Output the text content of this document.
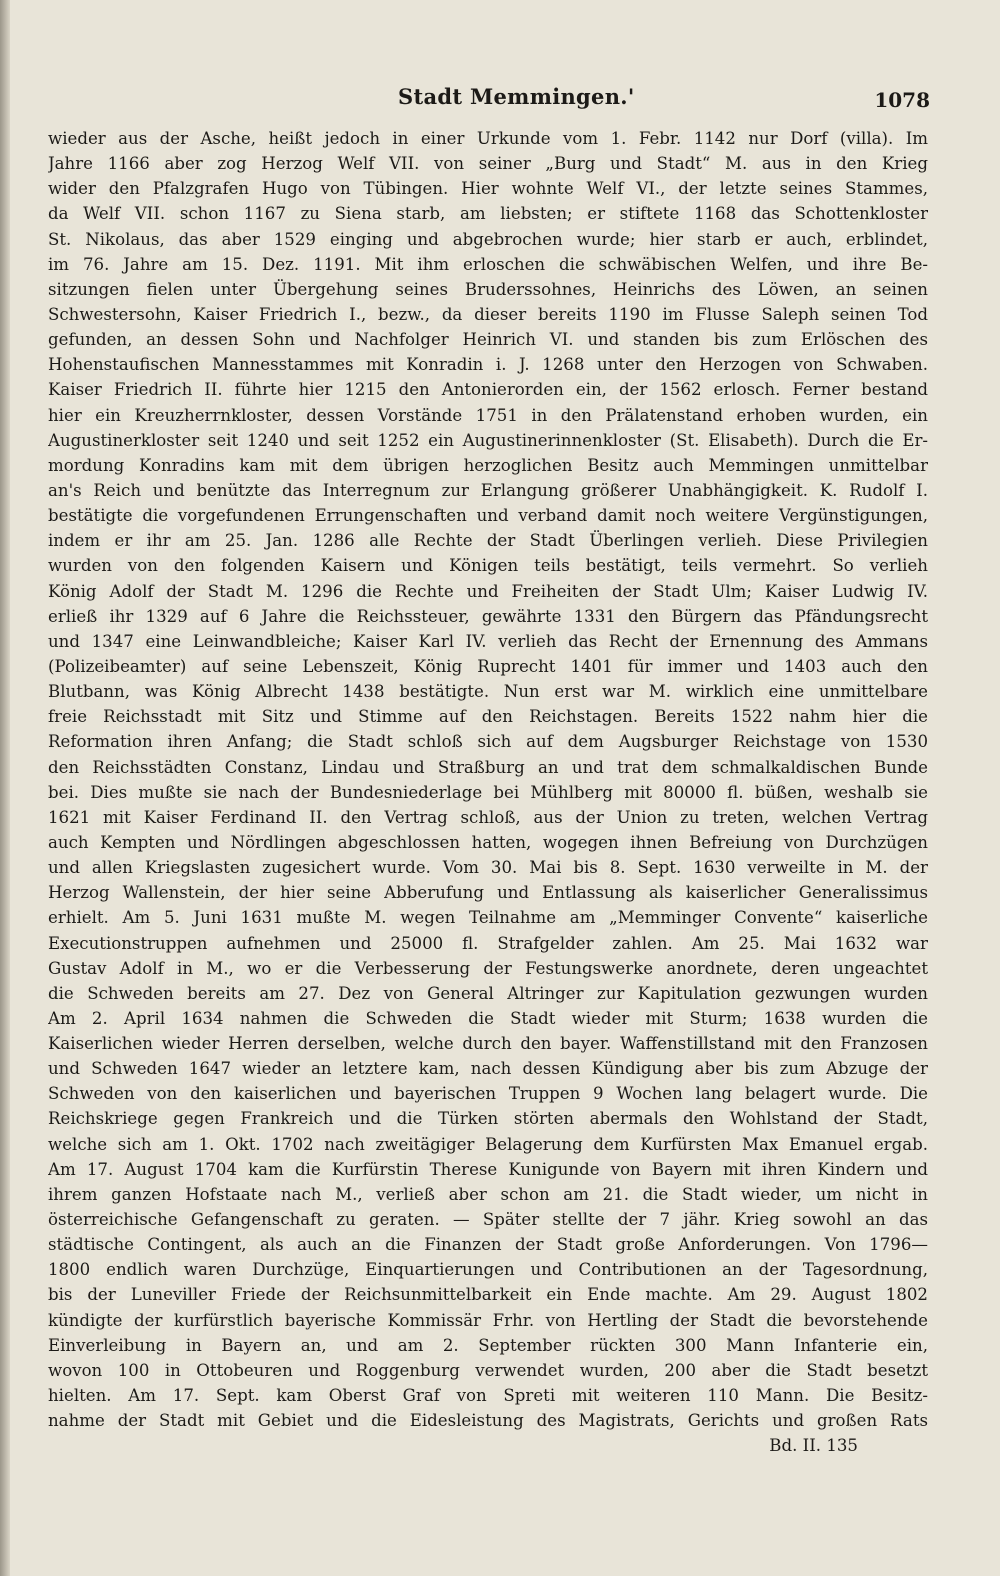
Stadt Memmingen.'	1078
wieder aus der Asche, heißt jedoch in einer Urkunde vom 1. Febr. 1142 nur Dorf (villa). Im
Jahre 1166 aber zog Herzog Welf VII. von seiner „Burg und Stadt“ M. aus in den Krieg
wider den Pfalzgrafen Hugo von Tübingen. Hier wohnte Welf VI., der letzte seines Stammes,
da Welf VII. schon 1167 zu Siena starb, am liebsten; er stiftete 1168 das Schottenkloster
St. Nikolaus, das aber 1529 einging und abgebrochen wurde; hier starb er auch, erblindet,
im 76. Jahre am 15. Dez. 1191. Mit ihm erloschen die schwäbischen Welfen, und ihre Be-
sitzungen fielen unter Übergehung seines Bruderssohnes, Heinrichs des Löwen, an seinen
Schwestersohn, Kaiser Friedrich I., bezw., da dieser bereits 1190 im Flusse Saleph seinen Tod
gefunden, an dessen Sohn und Nachfolger Heinrich VI. und standen bis zum Erlöschen des
Hohenstaufischen Mannesstammes mit Konradin i. J. 1268 unter den Herzogen von Schwaben.
Kaiser Friedrich II. führte hier 1215 den Antonierorden ein, der 1562 erlosch. Ferner bestand
hier ein Kreuzherrnkloster, dessen Vorstände 1751 in den Prälatenstand erhoben wurden, ein
Augustinerkloster seit 1240 und seit 1252 ein Augustinerinnenkloster (St. Elisabeth). Durch die Er-
mordung Konradins kam mit dem übrigen herzoglichen Besitz auch Memmingen unmittelbar
an's Reich und benützte das Interregnum zur Erlangung größerer Unabhängigkeit. K. Rudolf I.
bestätigte die vorgefundenen Errungenschaften und verband damit noch weitere Vergünstigungen,
indem er ihr am 25. Jan. 1286 alle Rechte der Stadt Überlingen verlieh. Diese Privilegien
wurden von den folgenden Kaisern und Königen teils bestätigt, teils vermehrt. So verlieh
König Adolf der Stadt M. 1296 die Rechte und Freiheiten der Stadt Ulm; Kaiser Ludwig IV.
erließ ihr 1329 auf 6 Jahre die Reichssteuer, gewährte 1331 den Bürgern das Pfändungsrecht
und 1347 eine Leinwandbleiche; Kaiser Karl IV. verlieh das Recht der Ernennung des Ammans
(Polizeibeamter) auf seine Lebenszeit, König Ruprecht 1401 für immer und 1403 auch den
Blutbann, was König Albrecht 1438 bestätigte. Nun erst war M. wirklich eine unmittelbare
freie Reichsstadt mit Sitz und Stimme auf den Reichstagen. Bereits 1522 nahm hier die
Reformation ihren Anfang; die Stadt schloß sich auf dem Augsburger Reichstage von 1530
den Reichsstädten Constanz, Lindau und Straßburg an und trat dem schmalkaldischen Bunde
bei. Dies mußte sie nach der Bundesniederlage bei Mühlberg mit 80000 fl. büßen, weshalb sie
1621 mit Kaiser Ferdinand II. den Vertrag schloß, aus der Union zu treten, welchen Vertrag
auch Kempten und Nördlingen abgeschlossen hatten, wogegen ihnen Befreiung von Durchzügen
und allen Kriegslasten zugesichert wurde. Vom 30. Mai bis 8. Sept. 1630 verweilte in M. der
Herzog Wallenstein, der hier seine Abberufung und Entlassung als kaiserlicher Generalissimus
erhielt. Am 5. Juni 1631 mußte M. wegen Teilnahme am „Memminger Convente“ kaiserliche
Executionstruppen aufnehmen und 25000 fl. Strafgelder zahlen. Am 25. Mai 1632 war
Gustav Adolf in M., wo er die Verbesserung der Festungswerke anordnete, deren ungeachtet
die Schweden bereits am 27. Dez von General Altringer zur Kapitulation gezwungen wurden
Am 2. April 1634 nahmen die Schweden die Stadt wieder mit Sturm; 1638 wurden die
Kaiserlichen wieder Herren derselben, welche durch den bayer. Waffenstillstand mit den Franzosen
und Schweden 1647 wieder an letztere kam, nach dessen Kündigung aber bis zum Abzuge der
Schweden von den kaiserlichen und bayerischen Truppen 9 Wochen lang belagert wurde. Die
Reichskriege gegen Frankreich und die Türken störten abermals den Wohlstand der Stadt,
welche sich am 1. Okt. 1702 nach zweitägiger Belagerung dem Kurfürsten Max Emanuel ergab.
Am 17. August 1704 kam die Kurfürstin Therese Kunigunde von Bayern mit ihren Kindern und
ihrem ganzen Hofstaate nach M., verließ aber schon am 21. die Stadt wieder, um nicht in
österreichische Gefangenschaft zu geraten. — Später stellte der 7 jähr. Krieg sowohl an das
städtische Contingent, als auch an die Finanzen der Stadt große Anforderungen. Von 1796—
1800 endlich waren Durchzüge, Einquartierungen und Contributionen an der Tagesordnung,
bis der Luneviller Friede der Reichsunmittelbarkeit ein Ende machte. Am 29. August 1802
kündigte der kurfürstlich bayerische Kommissär Frhr. von Hertling der Stadt die bevorstehende
Einverleibung in Bayern an, und am 2. September rückten 300 Mann Infanterie ein,
wovon 100 in Ottobeuren und Roggenburg verwendet wurden, 200 aber die Stadt besetzt
hielten. Am 17. Sept. kam Oberst Graf von Spreti mit weiteren 110 Mann. Die Besitz-
nahme der Stadt mit Gebiet und die Eidesleistung des Magistrats, Gerichts und großen Rats
Bd. II. 135
